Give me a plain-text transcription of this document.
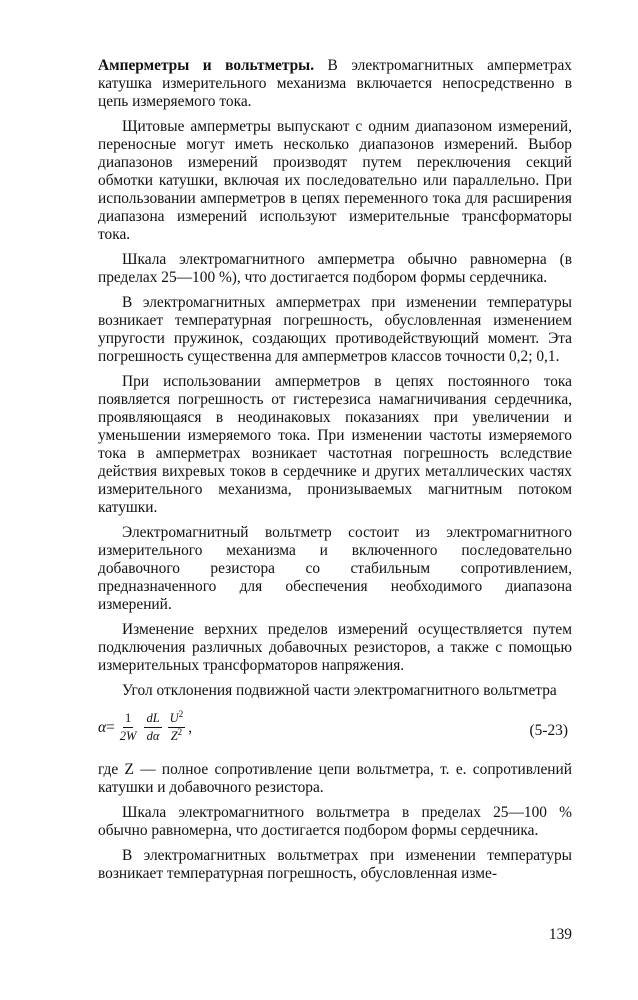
Амперметры и вольтметры. В электромагнитных амперметрах катушка измерительного механизма включается непосредственно в цепь измеряемого тока.

Щитовые амперметры выпускают с одним диапазоном измерений, переносные могут иметь несколько диапазонов измерений. Выбор диапазонов измерений производят путем переключения секций обмотки катушки, включая их последовательно или параллельно. При использовании амперметров в цепях переменного тока для расширения диапазона измерений используют измерительные трансформаторы тока.

Шкала электромагнитного амперметра обычно равномерна (в пределах 25—100 %), что достигается подбором формы сердечника.

В электромагнитных амперметрах при изменении температуры возникает температурная погрешность, обусловленная изменением упругости пружинок, создающих противодействующий момент. Эта погрешность существенна для амперметров классов точности 0,2; 0,1.

При использовании амперметров в цепях постоянного тока появляется погрешность от гистерезиса намагничивания сердечника, проявляющаяся в неодинаковых показаниях при увеличении и уменьшении измеряемого тока. При изменении частоты измеряемого тока в амперметрах возникает частотная погрешность вследствие действия вихревых токов в сердечнике и других металлических частях измерительного механизма, пронизываемых магнитным потоком катушки.

Электромагнитный вольтметр состоит из электромагнитного измерительного механизма и включенного последовательно добавочного резистора со стабильным сопротивлением, предназначенного для обеспечения необходимого диапазона измерений.

Изменение верхних пределов измерений осуществляется путем подключения различных добавочных резисторов, а также с помощью измерительных трансформаторов напряжения.

Угол отклонения подвижной части электромагнитного вольтметра

$\alpha = \frac{1}{2W} \frac{dL}{d\alpha} \frac{U^2}{Z^2}$ ,	(5-23)

где Z — полное сопротивление цепи вольтметра, т. е. сопротивлений катушки и добавочного резистора.

Шкала электромагнитного вольтметра в пределах 25—100 % обычно равномерна, что достигается подбором формы сердечника.

В электромагнитных вольтметрах при изменении температуры возникает температурная погрешность, обусловленная изме-

139
